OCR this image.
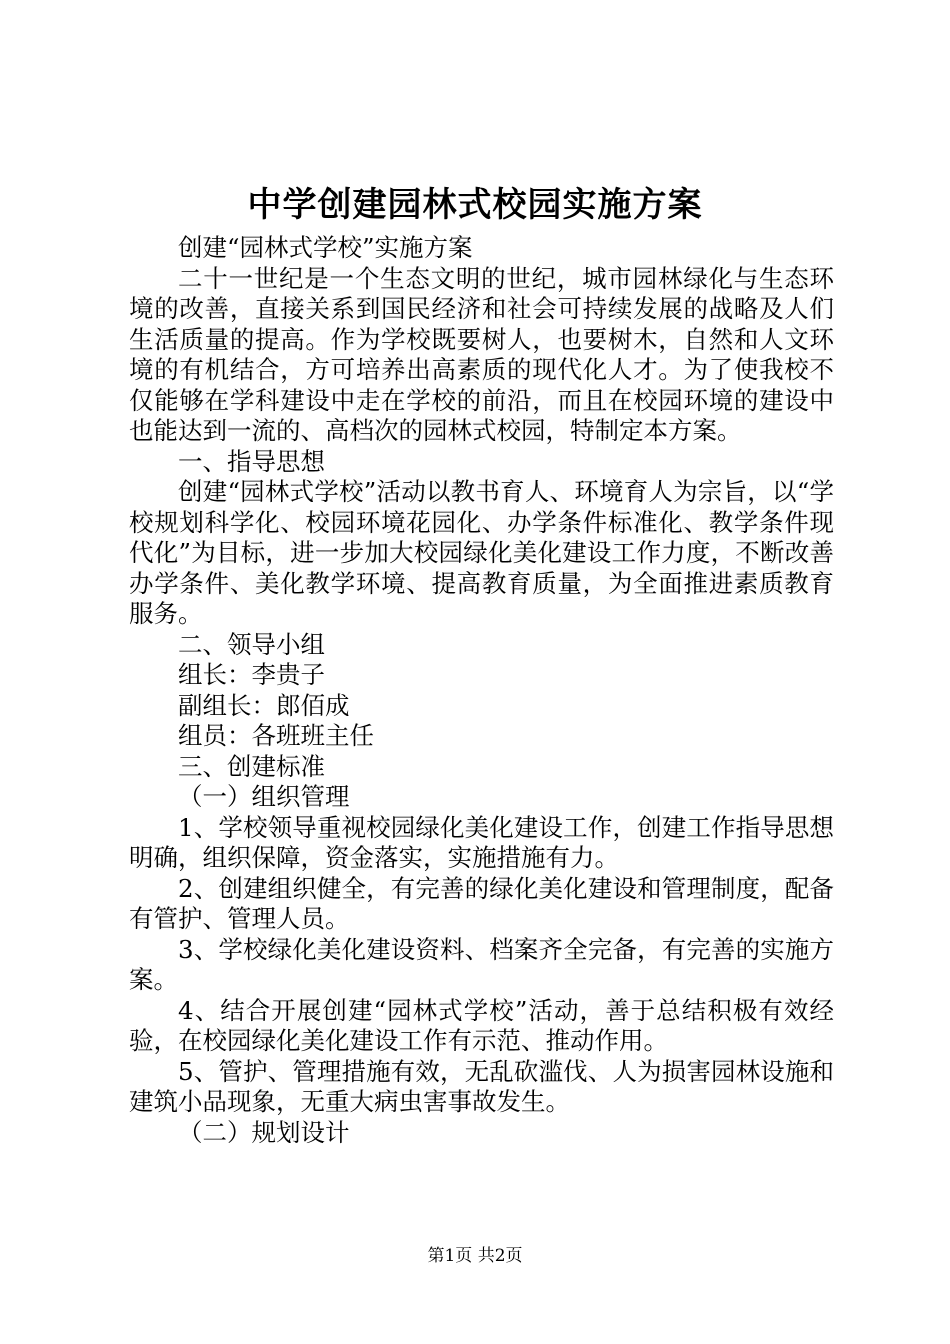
中学创建园林式校园实施方案

创建“园林式学校”实施方案

二十一世纪是一个生态文明的世纪，城市园林绿化与生态环境的改善，直接关系到国民经济和社会可持续发展的战略及人们生活质量的提高。作为学校既要树人，也要树木，自然和人文环境的有机结合，方可培养出高素质的现代化人才。为了使我校不仅能够在学科建设中走在学校的前沿，而且在校园环境的建设中也能达到一流的、高档次的园林式校园，特制定本方案。

一、指导思想

创建“园林式学校”活动以教书育人、环境育人为宗旨，以“学校规划科学化、校园环境花园化、办学条件标准化、教学条件现代化”为目标，进一步加大校园绿化美化建设工作力度，不断改善办学条件、美化教学环境、提高教育质量，为全面推进素质教育服务。

二、领导小组

组长：李贵子

副组长：郎佰成

组员：各班班主任

三、创建标准

（一）组织管理

1、学校领导重视校园绿化美化建设工作，创建工作指导思想明确，组织保障，资金落实，实施措施有力。

2、创建组织健全，有完善的绿化美化建设和管理制度，配备有管护、管理人员。

3、学校绿化美化建设资料、档案齐全完备，有完善的实施方案。

4、结合开展创建“园林式学校”活动，善于总结积极有效经验，在校园绿化美化建设工作有示范、推动作用。

5、管护、管理措施有效，无乱砍滥伐、人为损害园林设施和建筑小品现象，无重大病虫害事故发生。

（二）规划设计

第1页 共2页
